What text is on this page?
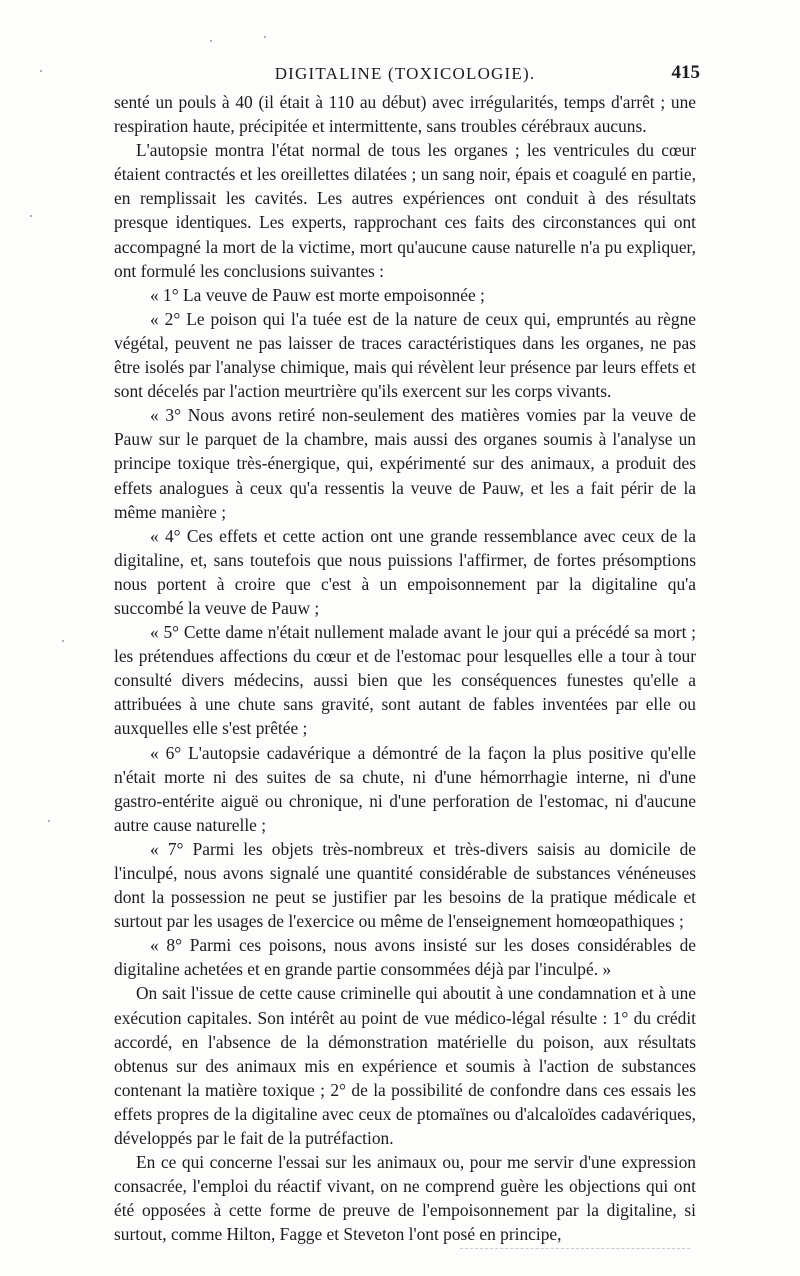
DIGITALINE (TOXICOLOGIE).	415

senté un pouls à 40 (il était à 110 au début) avec irrégularités, temps d'arrêt ; une respiration haute, précipitée et intermittente, sans troubles cérébraux aucuns.

L'autopsie montra l'état normal de tous les organes ; les ventricules du cœur étaient contractés et les oreillettes dilatées ; un sang noir, épais et coagulé en partie, en remplissait les cavités. Les autres expériences ont conduit à des résultats presque identiques. Les experts, rapprochant ces faits des circonstances qui ont accompagné la mort de la victime, mort qu'aucune cause naturelle n'a pu expliquer, ont formulé les conclusions suivantes :

« 1° La veuve de Pauw est morte empoisonnée ;

« 2° Le poison qui l'a tuée est de la nature de ceux qui, empruntés au règne végétal, peuvent ne pas laisser de traces caractéristiques dans les organes, ne pas être isolés par l'analyse chimique, mais qui révèlent leur présence par leurs effets et sont décelés par l'action meurtrière qu'ils exercent sur les corps vivants.

« 3° Nous avons retiré non-seulement des matières vomies par la veuve de Pauw sur le parquet de la chambre, mais aussi des organes soumis à l'analyse un principe toxique très-énergique, qui, expérimenté sur des animaux, a produit des effets analogues à ceux qu'a ressentis la veuve de Pauw, et les a fait périr de la même manière ;

« 4° Ces effets et cette action ont une grande ressemblance avec ceux de la digitaline, et, sans toutefois que nous puissions l'affirmer, de fortes présomptions nous portent à croire que c'est à un empoisonnement par la digitaline qu'a succombé la veuve de Pauw ;

« 5° Cette dame n'était nullement malade avant le jour qui a précédé sa mort ; les prétendues affections du cœur et de l'estomac pour lesquelles elle a tour à tour consulté divers médecins, aussi bien que les conséquences funestes qu'elle a attribuées à une chute sans gravité, sont autant de fables inventées par elle ou auxquelles elle s'est prêtée ;

« 6° L'autopsie cadavérique a démontré de la façon la plus positive qu'elle n'était morte ni des suites de sa chute, ni d'une hémorrhagie interne, ni d'une gastro-entérite aiguë ou chronique, ni d'une perforation de l'estomac, ni d'aucune autre cause naturelle ;

« 7° Parmi les objets très-nombreux et très-divers saisis au domicile de l'inculpé, nous avons signalé une quantité considérable de substances vénéneuses dont la possession ne peut se justifier par les besoins de la pratique médicale et surtout par les usages de l'exercice ou même de l'enseignement homœopathiques ;

« 8° Parmi ces poisons, nous avons insisté sur les doses considérables de digitaline achetées et en grande partie consommées déjà par l'inculpé. »

On sait l'issue de cette cause criminelle qui aboutit à une condamnation et à une exécution capitales. Son intérêt au point de vue médico-légal résulte : 1° du crédit accordé, en l'absence de la démonstration matérielle du poison, aux résultats obtenus sur des animaux mis en expérience et soumis à l'action de substances contenant la matière toxique ; 2° de la possibilité de confondre dans ces essais les effets propres de la digitaline avec ceux de ptomaïnes ou d'alcaloïdes cadavériques, développés par le fait de la putréfaction.

En ce qui concerne l'essai sur les animaux ou, pour me servir d'une expression consacrée, l'emploi du réactif vivant, on ne comprend guère les objections qui ont été opposées à cette forme de preuve de l'empoisonnement par la digitaline, si surtout, comme Hilton, Fagge et Steveton l'ont posé en principe,
